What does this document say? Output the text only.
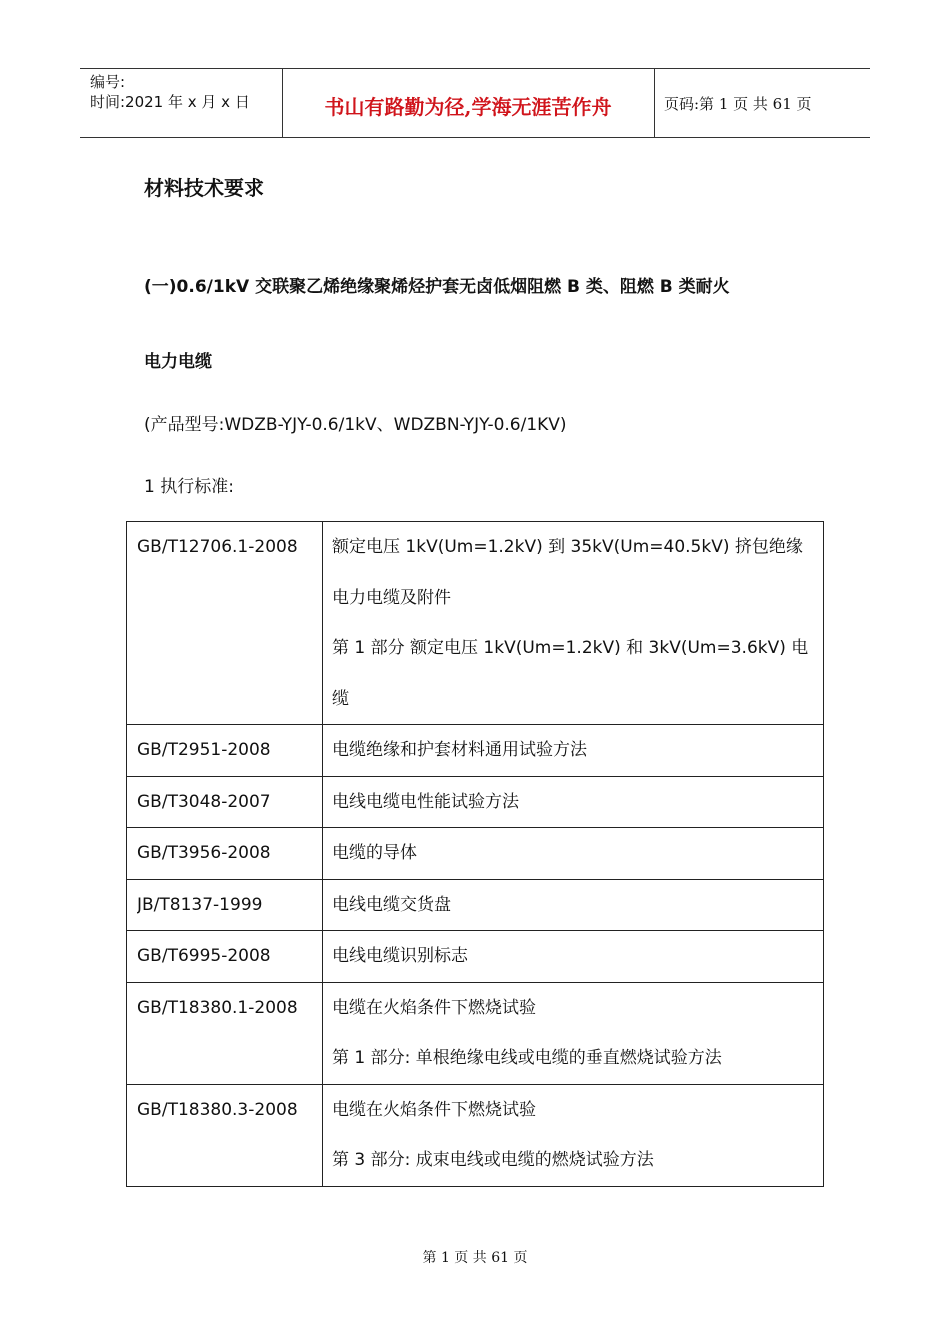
编号:
时间:2021 年 x 月 x 日	书山有路勤为径,学海无涯苦作舟	页码:第 1 页 共 61 页
材料技术要求
(一)0.6/1kV 交联聚乙烯绝缘聚烯烃护套无卤低烟阻燃 B 类、阻燃 B 类耐火
电力电缆
(产品型号:WDZB-YJY-0.6/1kV、WDZBN-YJY-0.6/1KV)
1 执行标准:
GB/T12706.1-2008	额定电压 1kV(Um=1.2kV) 到 35kV(Um=40.5kV) 挤包绝缘
电力电缆及附件
第 1 部分 额定电压 1kV(Um=1.2kV) 和 3kV(Um=3.6kV) 电
缆

GB/T2951-2008	电缆绝缘和护套材料通用试验方法

GB/T3048-2007	电线电缆电性能试验方法

GB/T3956-2008	电缆的导体

JB/T8137-1999	电线电缆交货盘

GB/T6995-2008	电线电缆识别标志

GB/T18380.1-2008	电缆在火焰条件下燃烧试验
第 1 部分: 单根绝缘电线或电缆的垂直燃烧试验方法

GB/T18380.3-2008	电缆在火焰条件下燃烧试验
第 3 部分: 成束电线或电缆的燃烧试验方法
第 1 页 共 61 页
